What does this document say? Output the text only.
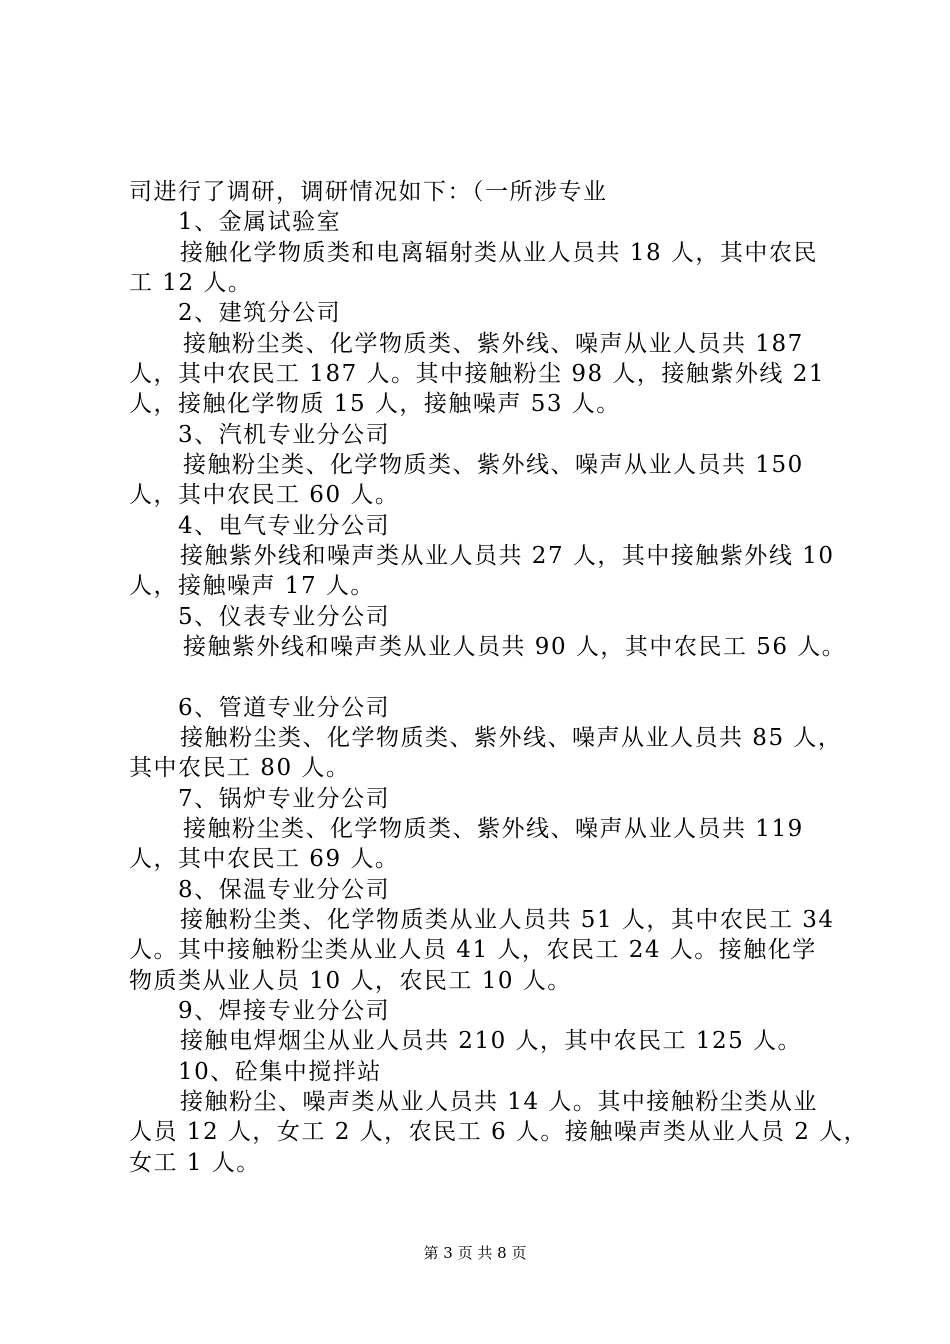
司进行了调研，调研情况如下：（一所涉专业
1、金属试验室
接触化学物质类和电离辐射类从业人员共 18 人，其中农民
工 12 人。
2、建筑分公司
接触粉尘类、化学物质类、紫外线、噪声从业人员共 187
人，其中农民工 187 人。其中接触粉尘 98 人，接触紫外线 21
人，接触化学物质 15 人，接触噪声 53 人。
3、汽机专业分公司
接触粉尘类、化学物质类、紫外线、噪声从业人员共 150
人，其中农民工 60 人。
4、电气专业分公司
接触紫外线和噪声类从业人员共 27 人，其中接触紫外线 10
人，接触噪声 17 人。
5、仪表专业分公司
接触紫外线和噪声类从业人员共 90 人，其中农民工 56 人。
6、管道专业分公司
接触粉尘类、化学物质类、紫外线、噪声从业人员共 85 人，
其中农民工 80 人。
7、锅炉专业分公司
接触粉尘类、化学物质类、紫外线、噪声从业人员共 119
人，其中农民工 69 人。
8、保温专业分公司
接触粉尘类、化学物质类从业人员共 51 人，其中农民工 34
人。其中接触粉尘类从业人员 41 人，农民工 24 人。接触化学
物质类从业人员 10 人，农民工 10 人。
9、焊接专业分公司
接触电焊烟尘从业人员共 210 人，其中农民工 125 人。
10、砼集中搅拌站
接触粉尘、噪声类从业人员共 14 人。其中接触粉尘类从业
人员 12 人，女工 2 人，农民工 6 人。接触噪声类从业人员 2 人，
女工 1 人。
第 3 页 共 8 页
